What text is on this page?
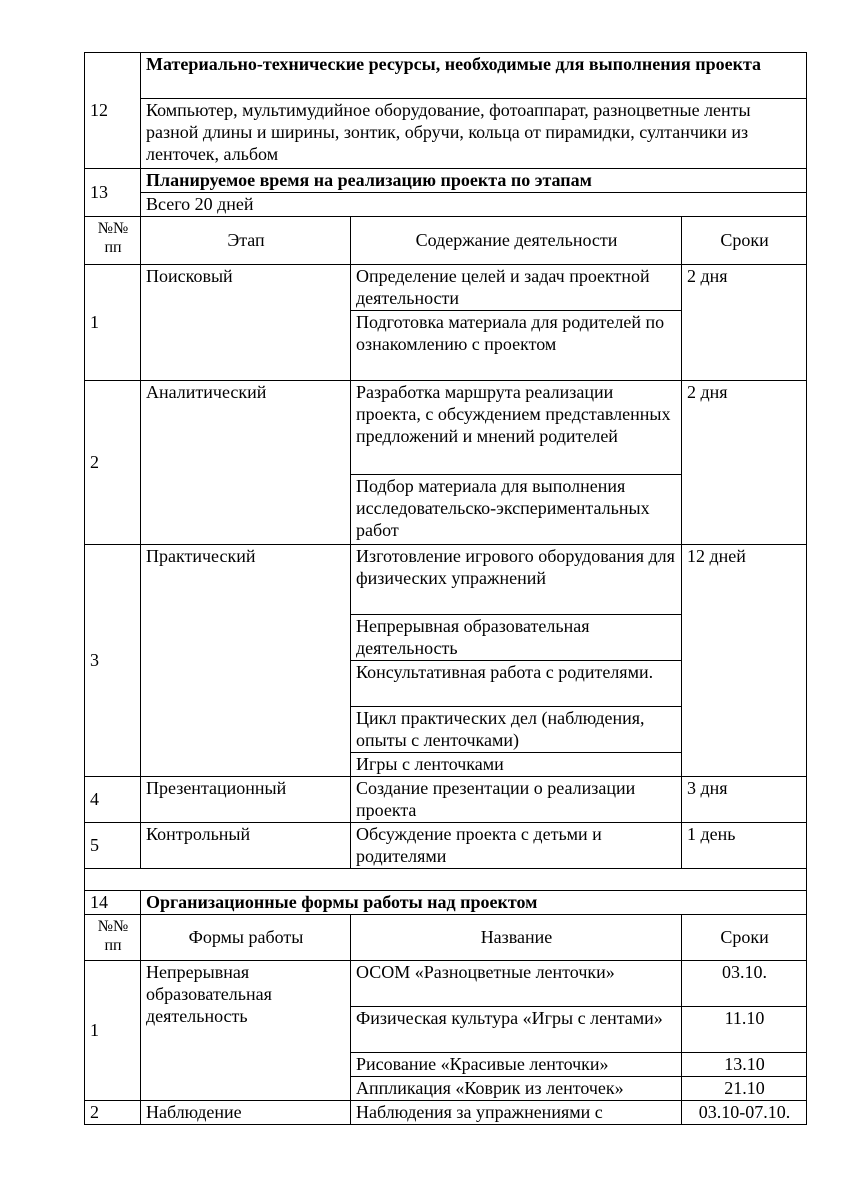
12	Материально-технические ресурсы, необходимые для выполнения проекта		
	Компьютер, мультимудийное оборудование, фотоаппарат, разноцветные ленты разной длины и ширины, зонтик, обручи, кольца от пирамидки, султанчики из ленточек, альбом		
13	Планируемое время на реализацию проекта по этапам		
	Всего 20 дней		
№№ пп	Этап	Содержание деятельности	Сроки
1	Поисковый	Определение целей и задач проектной деятельности	2 дня
		Подготовка материала для родителей по ознакомлению с проектом	
2	Аналитический	Разработка маршрута реализации проекта, с обсуждением представленных предложений и мнений родителей	2 дня
		Подбор материала для выполнения исследовательско-экспериментальных работ	
3	Практический	Изготовление игрового оборудования для физических упражнений	12 дней
		Непрерывная образовательная деятельность	
		Консультативная работа с родителями.	
		Цикл практических дел (наблюдения, опыты с ленточками)	
		Игры с ленточками	
4	Презентационный	Создание презентации о реализации проекта	3 дня
5	Контрольный	Обсуждение проекта с детьми и родителями	1 день

14	Организационные формы работы над проектом		
№№ пп	Формы работы	Название	Сроки
1	Непрерывная образовательная деятельность	ОСОМ «Разноцветные ленточки»	03.10.
		Физическая культура «Игры с лентами»	11.10
		Рисование «Красивые ленточки»	13.10
		Аппликация «Коврик из ленточек»	21.10
2	Наблюдение	Наблюдения за упражнениями с	03.10-07.10.
